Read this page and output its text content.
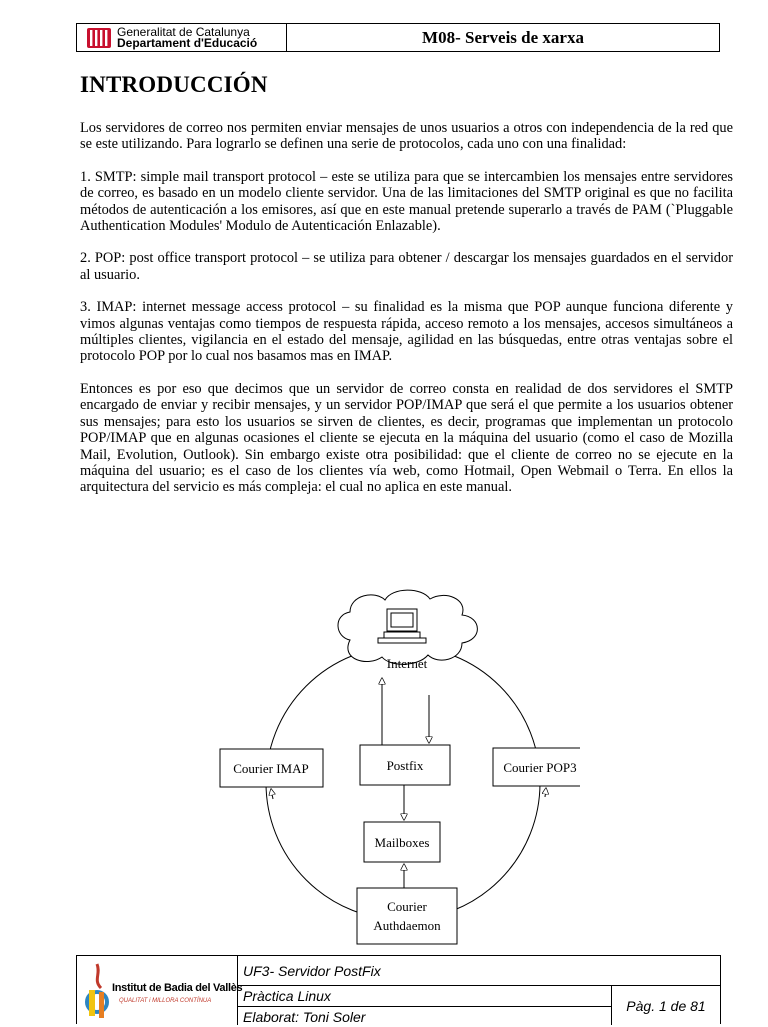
Generalitat de Catalunya
Departament d'Educació	M08- Serveis de xarxa
INTRODUCCIÓN

Los servidores de correo nos permiten enviar mensajes de unos usuarios a otros con independencia de la red que se este utilizando. Para lograrlo se definen una serie de protocolos, cada uno con una finalidad:

1. SMTP: simple mail transport protocol – este se utiliza para que se intercambien los mensajes entre servidores de correo, es basado en un modelo cliente servidor. Una de las limitaciones del SMTP original es que no facilita métodos de autenticación a los emisores, así que en este manual pretende superarlo a través de PAM (`Pluggable Authentication Modules' Modulo de Autenticación Enlazable).

2. POP: post office transport protocol – se utiliza para obtener / descargar los mensajes guardados en el servidor al usuario.

3. IMAP: internet message access protocol – su finalidad es la misma que POP aunque funciona diferente y vimos algunas ventajas como tiempos de respuesta rápida, acceso remoto a los mensajes, accesos simultáneos a múltiples clientes, vigilancia en el estado del mensaje, agilidad en las búsquedas, entre otras ventajas sobre el protocolo POP por lo cual nos basamos mas en IMAP.

Entonces es por eso que decimos que un servidor de correo consta en realidad de dos servidores el SMTP encargado de enviar y recibir mensajes, y un servidor POP/IMAP que será el que permite a los usuarios obtener sus mensajes; para esto los usuarios se sirven de clientes, es decir, programas que implementan un protocolo POP/IMAP que en algunas ocasiones el cliente se ejecuta en la máquina del usuario (como el caso de Mozilla Mail, Evolution, Outlook). Sin embargo existe otra posibilidad: que el cliente de correo no se ejecute en la máquina del usuario; es el caso de los clientes vía web, como Hotmail, Open Webmail o Terra. En ellos la arquitectura del servicio es más compleja: el cual no aplica en este manual.

Internet
Courier IMAP	Postfix	Courier POP3
Mailboxes
Courier
Authdaemon
Institut de Badia del Vallès
QUALITAT i MILLORA CONTÍNUA
UF3- Servidor PostFix
Pràctica Linux
Elaborat: Toni Soler
Pàg. 1 de 81
